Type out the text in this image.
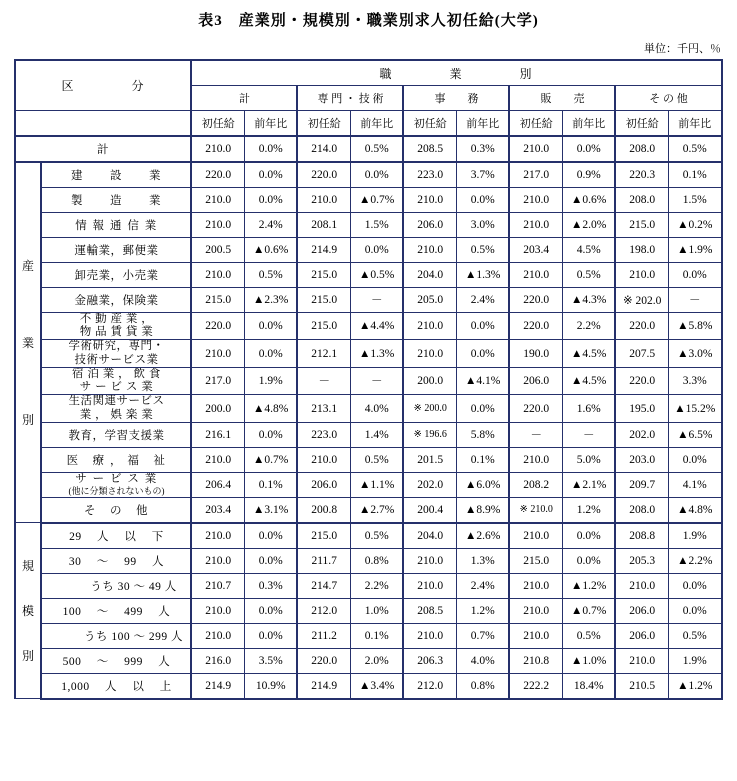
表3　産業別・規模別・職業別求人初任給(大学)
単位：千円、％
区　　　　分		職　　　　業　　　　別									
		計		専 門 ・ 技 術		事　　務		販　　売		そ の 他	
		初任給	前年比	初任給	前年比	初任給	前年比	初任給	前年比	初任給	前年比
計		210.0	0.0%	214.0	0.5%	208.5	0.3%	210.0	0.0%	208.0	0.5%

産
業
別	建　　設　　業	220.0	0.0%	220.0	0.0%	223.0	3.7%	217.0	0.9%	220.3	0.1%
	製　　造　　業	210.0	0.0%	210.0	▲0.7%	210.0	0.0%	210.0	▲0.6%	208.0	1.5%
	情 報 通 信 業	210.0	2.4%	208.1	1.5%	206.0	3.0%	210.0	▲2.0%	215.0	▲0.2%
	運輸業，郵便業	200.5	▲0.6%	214.9	0.0%	210.0	0.5%	203.4	4.5%	198.0	▲1.9%
	卸売業，小売業	210.0	0.5%	215.0	▲0.5%	204.0	▲1.3%	210.0	0.5%	210.0	0.0%
	金融業，保険業	215.0	▲2.3%	215.0	－	205.0	2.4%	220.0	▲4.3%	※ 202.0	－

	不 動 産 業 ，
物 品 賃 貸 業	220.0	0.0%	215.0	▲4.4%	210.0	0.0%	220.0	2.2%	220.0	▲5.8%

	学術研究，専門・
技術サービス業	210.0	0.0%	212.1	▲1.3%	210.0	0.0%	190.0	▲4.5%	207.5	▲3.0%

	宿 泊 業 ， 飲 食
サ ー ビ ス 業	217.0	1.9%	－	－	200.0	▲4.1%	206.0	▲4.5%	220.0	3.3%

	生活関連サービス
業 ， 娯 楽 業	200.0	▲4.8%	213.1	4.0%	※ 200.0	0.0%	220.0	1.6%	195.0	▲15.2%
	教育，学習支援業	216.1	0.0%	223.0	1.4%	※ 196.6	5.8%	－	－	202.0	▲6.5%
	医　療 ， 福　祉	210.0	▲0.7%	210.0	0.5%	201.5	0.1%	210.0	5.0%	203.0	0.0%

	サ ー ビ ス 業
(他に分類されないもの)	206.4	0.1%	206.0	▲1.1%	202.0	▲6.0%	208.2	▲2.1%	209.7	4.1%
	そ　の　他	203.4	▲3.1%	200.8	▲2.7%	200.4	▲8.9%	※ 210.0	1.2%	208.0	▲4.8%

規
模
別	29 　人 　以 　下	210.0	0.0%	215.0	0.5%	204.0	▲2.6%	210.0	0.0%	208.8	1.9%
	30 　～ 　99 　人	210.0	0.0%	211.7	0.8%	210.0	1.3%	215.0	0.0%	205.3	▲2.2%
	うち 30 ～ 49 人	210.7	0.3%	214.7	2.2%	210.0	2.4%	210.0	▲1.2%	210.0	0.0%
	100 　～ 　499 　人	210.0	0.0%	212.0	1.0%	208.5	1.2%	210.0	▲0.7%	206.0	0.0%
	うち 100 ～ 299 人	210.0	0.0%	211.2	0.1%	210.0	0.7%	210.0	0.5%	206.0	0.5%
	500 　～ 　999 　人	216.0	3.5%	220.0	2.0%	206.3	4.0%	210.8	▲1.0%	210.0	1.9%
	1,000 　人 　以 　上	214.9	10.9%	214.9	▲3.4%	212.0	0.8%	222.2	18.4%	210.5	▲1.2%
